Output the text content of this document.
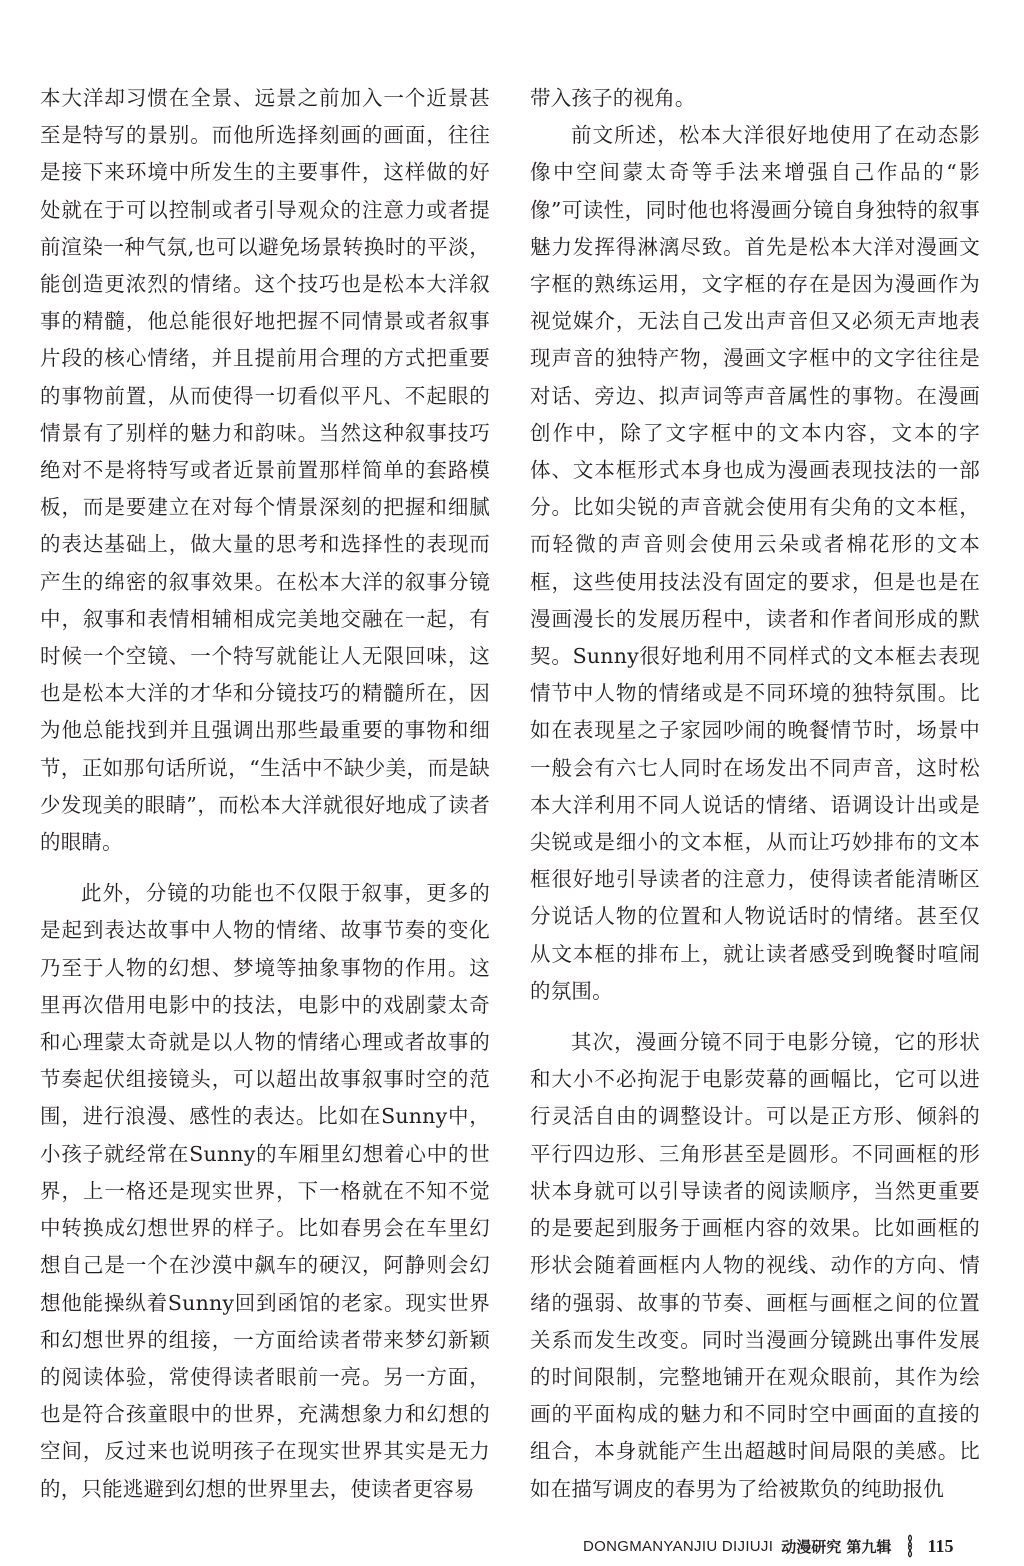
本大洋却习惯在全景、远景之前加入一个近景甚至是特写的景别。而他所选择刻画的画面，往往是接下来环境中所发生的主要事件，这样做的好处就在于可以控制或者引导观众的注意力或者提前渲染一种气氛,也可以避免场景转换时的平淡，能创造更浓烈的情绪。这个技巧也是松本大洋叙事的精髓，他总能很好地把握不同情景或者叙事片段的核心情绪，并且提前用合理的方式把重要的事物前置，从而使得一切看似平凡、不起眼的情景有了别样的魅力和韵味。当然这种叙事技巧绝对不是将特写或者近景前置那样简单的套路模板，而是要建立在对每个情景深刻的把握和细腻的表达基础上，做大量的思考和选择性的表现而产生的绵密的叙事效果。在松本大洋的叙事分镜中，叙事和表情相辅相成完美地交融在一起，有时候一个空镜、一个特写就能让人无限回味，这也是松本大洋的才华和分镜技巧的精髓所在，因为他总能找到并且强调出那些最重要的事物和细节，正如那句话所说，“生活中不缺少美，而是缺少发现美的眼睛”，而松本大洋就很好地成了读者的眼睛。

此外，分镜的功能也不仅限于叙事，更多的是起到表达故事中人物的情绪、故事节奏的变化乃至于人物的幻想、梦境等抽象事物的作用。这里再次借用电影中的技法，电影中的戏剧蒙太奇和心理蒙太奇就是以人物的情绪心理或者故事的节奏起伏组接镜头，可以超出故事叙事时空的范围，进行浪漫、感性的表达。比如在Sunny中，小孩子就经常在Sunny的车厢里幻想着心中的世界，上一格还是现实世界，下一格就在不知不觉中转换成幻想世界的样子。比如春男会在车里幻想自己是一个在沙漠中飙车的硬汉，阿静则会幻想他能操纵着Sunny回到函馆的老家。现实世界和幻想世界的组接，一方面给读者带来梦幻新颖的阅读体验，常使得读者眼前一亮。另一方面，也是符合孩童眼中的世界，充满想象力和幻想的空间，反过来也说明孩子在现实世界其实是无力的，只能逃避到幻想的世界里去，使读者更容易

带入孩子的视角。

前文所述，松本大洋很好地使用了在动态影像中空间蒙太奇等手法来增强自己作品的“影像”可读性，同时他也将漫画分镜自身独特的叙事魅力发挥得淋漓尽致。首先是松本大洋对漫画文字框的熟练运用，文字框的存在是因为漫画作为视觉媒介，无法自己发出声音但又必须无声地表现声音的独特产物，漫画文字框中的文字往往是对话、旁边、拟声词等声音属性的事物。在漫画创作中，除了文字框中的文本内容，文本的字体、文本框形式本身也成为漫画表现技法的一部分。比如尖锐的声音就会使用有尖角的文本框，而轻微的声音则会使用云朵或者棉花形的文本框，这些使用技法没有固定的要求，但是也是在漫画漫长的发展历程中，读者和作者间形成的默契。Sunny很好地利用不同样式的文本框去表现情节中人物的情绪或是不同环境的独特氛围。比如在表现星之子家园吵闹的晚餐情节时，场景中一般会有六七人同时在场发出不同声音，这时松本大洋利用不同人说话的情绪、语调设计出或是尖锐或是细小的文本框，从而让巧妙排布的文本框很好地引导读者的注意力，使得读者能清晰区分说话人物的位置和人物说话时的情绪。甚至仅从文本框的排布上，就让读者感受到晚餐时喧闹的氛围。

其次，漫画分镜不同于电影分镜，它的形状和大小不必拘泥于电影荧幕的画幅比，它可以进行灵活自由的调整设计。可以是正方形、倾斜的平行四边形、三角形甚至是圆形。不同画框的形状本身就可以引导读者的阅读顺序，当然更重要的是要起到服务于画框内容的效果。比如画框的形状会随着画框内人物的视线、动作的方向、情绪的强弱、故事的节奏、画框与画框之间的位置关系而发生改变。同时当漫画分镜跳出事件发展的时间限制，完整地铺开在观众眼前，其作为绘画的平面构成的魅力和不同时空中画面的直接的组合，本身就能产生出超越时间局限的美感。比如在描写调皮的春男为了给被欺负的纯助报仇

DONGMANYANJIU DIJIUJI 动漫研究 第九辑 115
